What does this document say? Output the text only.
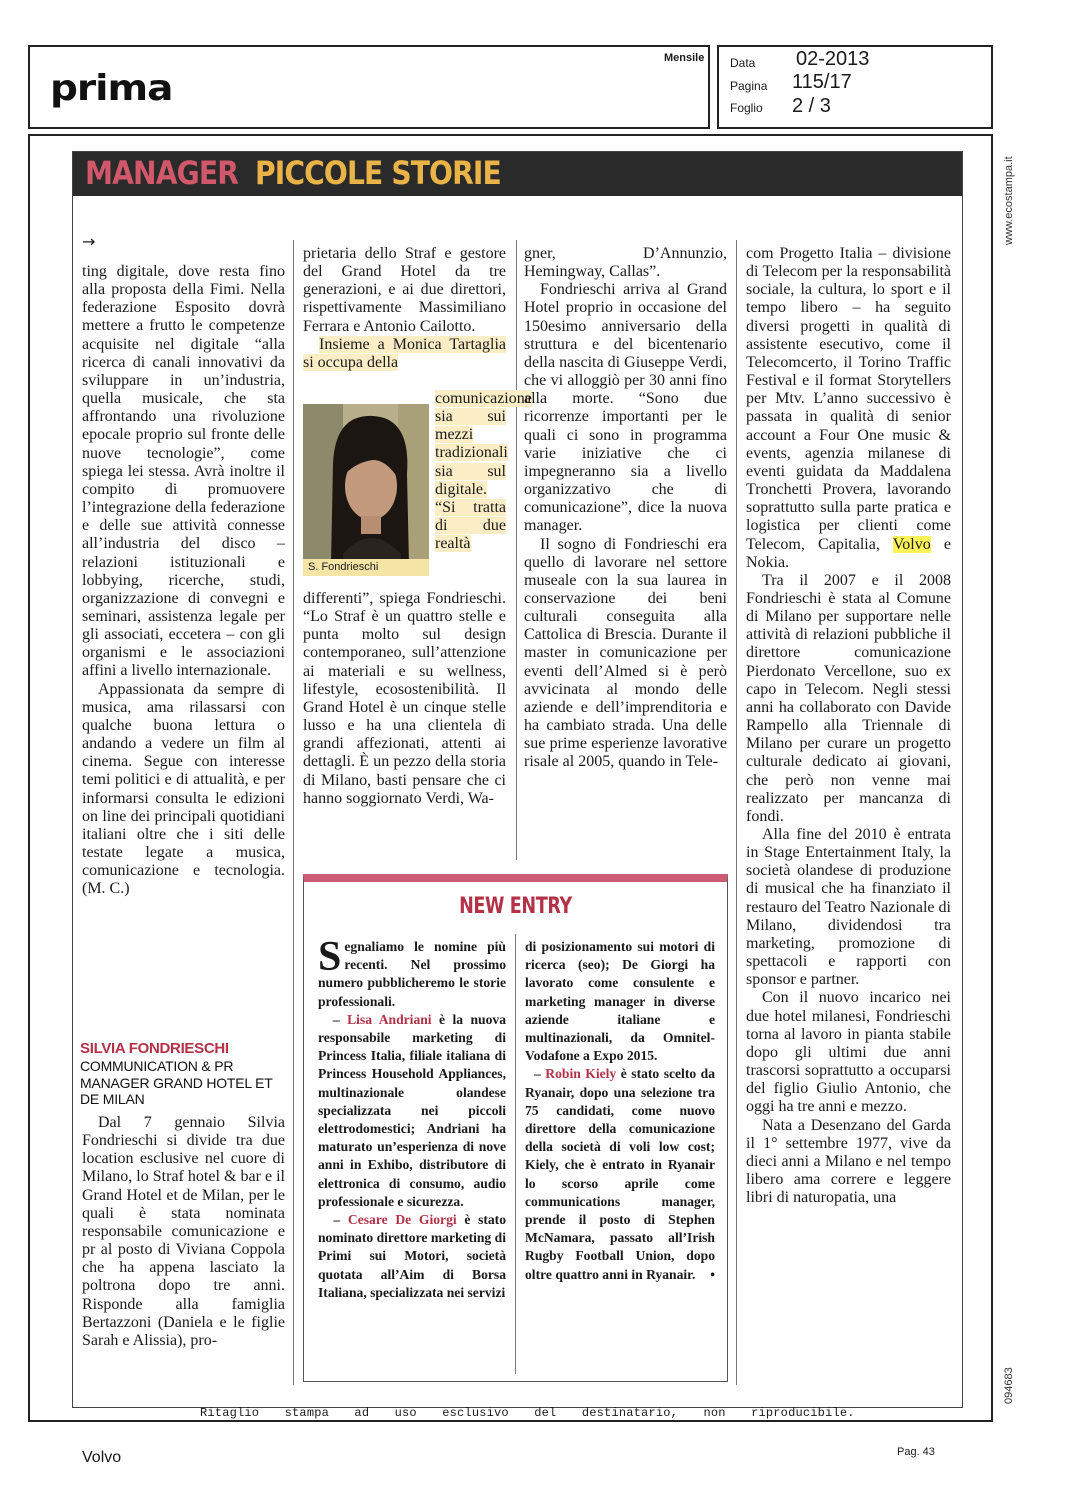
prima
Mensile Data 02-2013
Pagina 115/17
Foglio 2 / 3
www.ecostampa.it
094683
MANAGER PICCOLE STORIE
→

ting digitale, dove resta fino alla proposta della Fimi. Nella federazione Esposito dovrà mettere a frutto le competenze acquisite nel digitale “alla ricerca di canali innovativi da sviluppare in un’industria, quella musicale, che sta affrontando una rivoluzione epocale proprio sul fronte delle nuove tecnologie”, come spiega lei stessa. Avrà inoltre il compito di promuovere l’integrazione della federazione e delle sue attività connesse all’industria del disco – relazioni istituzionali e lobbying, ricerche, studi, organizzazione di convegni e seminari, assistenza legale per gli associati, eccetera – con gli organismi e le associazioni affini a livello internazionale.

Appassionata da sempre di musica, ama rilassarsi con qualche buona lettura o andando a vedere un film al cinema. Segue con interesse temi politici e di attualità, e per informarsi consulta le edizioni on line dei principali quotidiani italiani oltre che i siti delle testate legate a musica, comunicazione e tecnologia. (M. C.)

SILVIA FONDRIESCHI
COMMUNICATION & PR MANAGER GRAND HOTEL ET DE MILAN

Dal 7 gennaio Silvia Fondrieschi si divide tra due location esclusive nel cuore di Milano, lo Straf hotel & bar e il Grand Hotel et de Milan, per le quali è stata nominata responsabile comunicazione e pr al posto di Viviana Coppola che ha appena lasciato la poltrona dopo tre anni. Risponde alla famiglia Bertazzoni (Daniela e le figlie Sarah e Alissia), pro-

prietaria dello Straf e gestore del Grand Hotel da tre generazioni, e ai due direttori, rispettivamente Massimiliano Ferrara e Antonio Cailotto.

Insieme a Monica Tartaglia si occupa della

S. Fondrieschi

comunicazione sia sui mezzi tradizionali sia sul digitale. “Si tratta di due realtà

differenti”, spiega Fondrieschi. “Lo Straf è un quattro stelle e punta molto sul design contemporaneo, sull’attenzione ai materiali e su wellness, lifestyle, ecosostenibilità. Il Grand Hotel è un cinque stelle lusso e ha una clientela di grandi affezionati, attenti ai dettagli. È un pezzo della storia di Milano, basti pensare che ci hanno soggiornato Verdi, Wa-

gner, D’Annunzio, Hemingway, Callas”.

Fondrieschi arriva al Grand Hotel proprio in occasione del 150esimo anniversario della struttura e del bicentenario della nascita di Giuseppe Verdi, che vi alloggiò per 30 anni fino alla morte. “Sono due ricorrenze importanti per le quali ci sono in programma varie iniziative che ci impegneranno sia a livello organizzativo che di comunicazione”, dice la nuova manager.

Il sogno di Fondrieschi era quello di lavorare nel settore museale con la sua laurea in conservazione dei beni culturali conseguita alla Cattolica di Brescia. Durante il master in comunicazione per eventi dell’Almed si è però avvicinata al mondo delle aziende e dell’imprenditoria e ha cambiato strada. Una delle sue prime esperienze lavorative risale al 2005, quando in Tele-

com Progetto Italia – divisione di Telecom per la responsabilità sociale, la cultura, lo sport e il tempo libero – ha seguito diversi progetti in qualità di assistente esecutivo, come il Telecomcerto, il Torino Traffic Festival e il format Storytellers per Mtv. L’anno successivo è passata in qualità di senior account a Four One music & events, agenzia milanese di eventi guidata da Maddalena Tronchetti Provera, lavorando soprattutto sulla parte pratica e logistica per clienti come Telecom, Capitalia, Volvo e Nokia.

Tra il 2007 e il 2008 Fondrieschi è stata al Comune di Milano per supportare nelle attività di relazioni pubbliche il direttore comunicazione Pierdonato Vercellone, suo ex capo in Telecom. Negli stessi anni ha collaborato con Davide Rampello alla Triennale di Milano per curare un progetto culturale dedicato ai giovani, che però non venne mai realizzato per mancanza di fondi.

Alla fine del 2010 è entrata in Stage Entertainment Italy, la società olandese di produzione di musical che ha finanziato il restauro del Teatro Nazionale di Milano, dividendosi tra marketing, promozione di spettacoli e rapporti con sponsor e partner.

Con il nuovo incarico nei due hotel milanesi, Fondrieschi torna al lavoro in pianta stabile dopo gli ultimi due anni trascorsi soprattutto a occuparsi del figlio Giulio Antonio, che oggi ha tre anni e mezzo.

Nata a Desenzano del Garda il 1° settembre 1977, vive da dieci anni a Milano e nel tempo libero ama correre e leggere libri di naturopatia, una

NEW ENTRY

Segnaliamo le nomine più recenti. Nel prossimo numero pubblicheremo le storie professionali.

– Lisa Andriani è la nuova responsabile marketing di Princess Italia, filiale italiana di Princess Household Appliances, multinazionale olandese specializzata nei piccoli elettrodomestici; Andriani ha maturato un’esperienza di nove anni in Exhibo, distributore di elettronica di consumo, audio professionale e sicurezza.

– Cesare De Giorgi è stato nominato direttore marketing di Primi sui Motori, società quotata all’Aim di Borsa Italiana, specializzata nei servizi

di posizionamento sui motori di ricerca (seo); De Giorgi ha lavorato come consulente e marketing manager in diverse aziende italiane e multinazionali, da Omnitel-Vodafone a Expo 2015.

– Robin Kiely è stato scelto da Ryanair, dopo una selezione tra 75 candidati, come nuovo direttore della comunicazione della società di voli low cost; Kiely, che è entrato in Ryanair lo scorso aprile come communications manager, prende il posto di Stephen McNamara, passato all’Irish Rugby Football Union, dopo oltre quattro anni in Ryanair. •

Ritaglio stampa ad uso esclusivo del destinatario, non riproducibile.
Volvo	Pag. 43
